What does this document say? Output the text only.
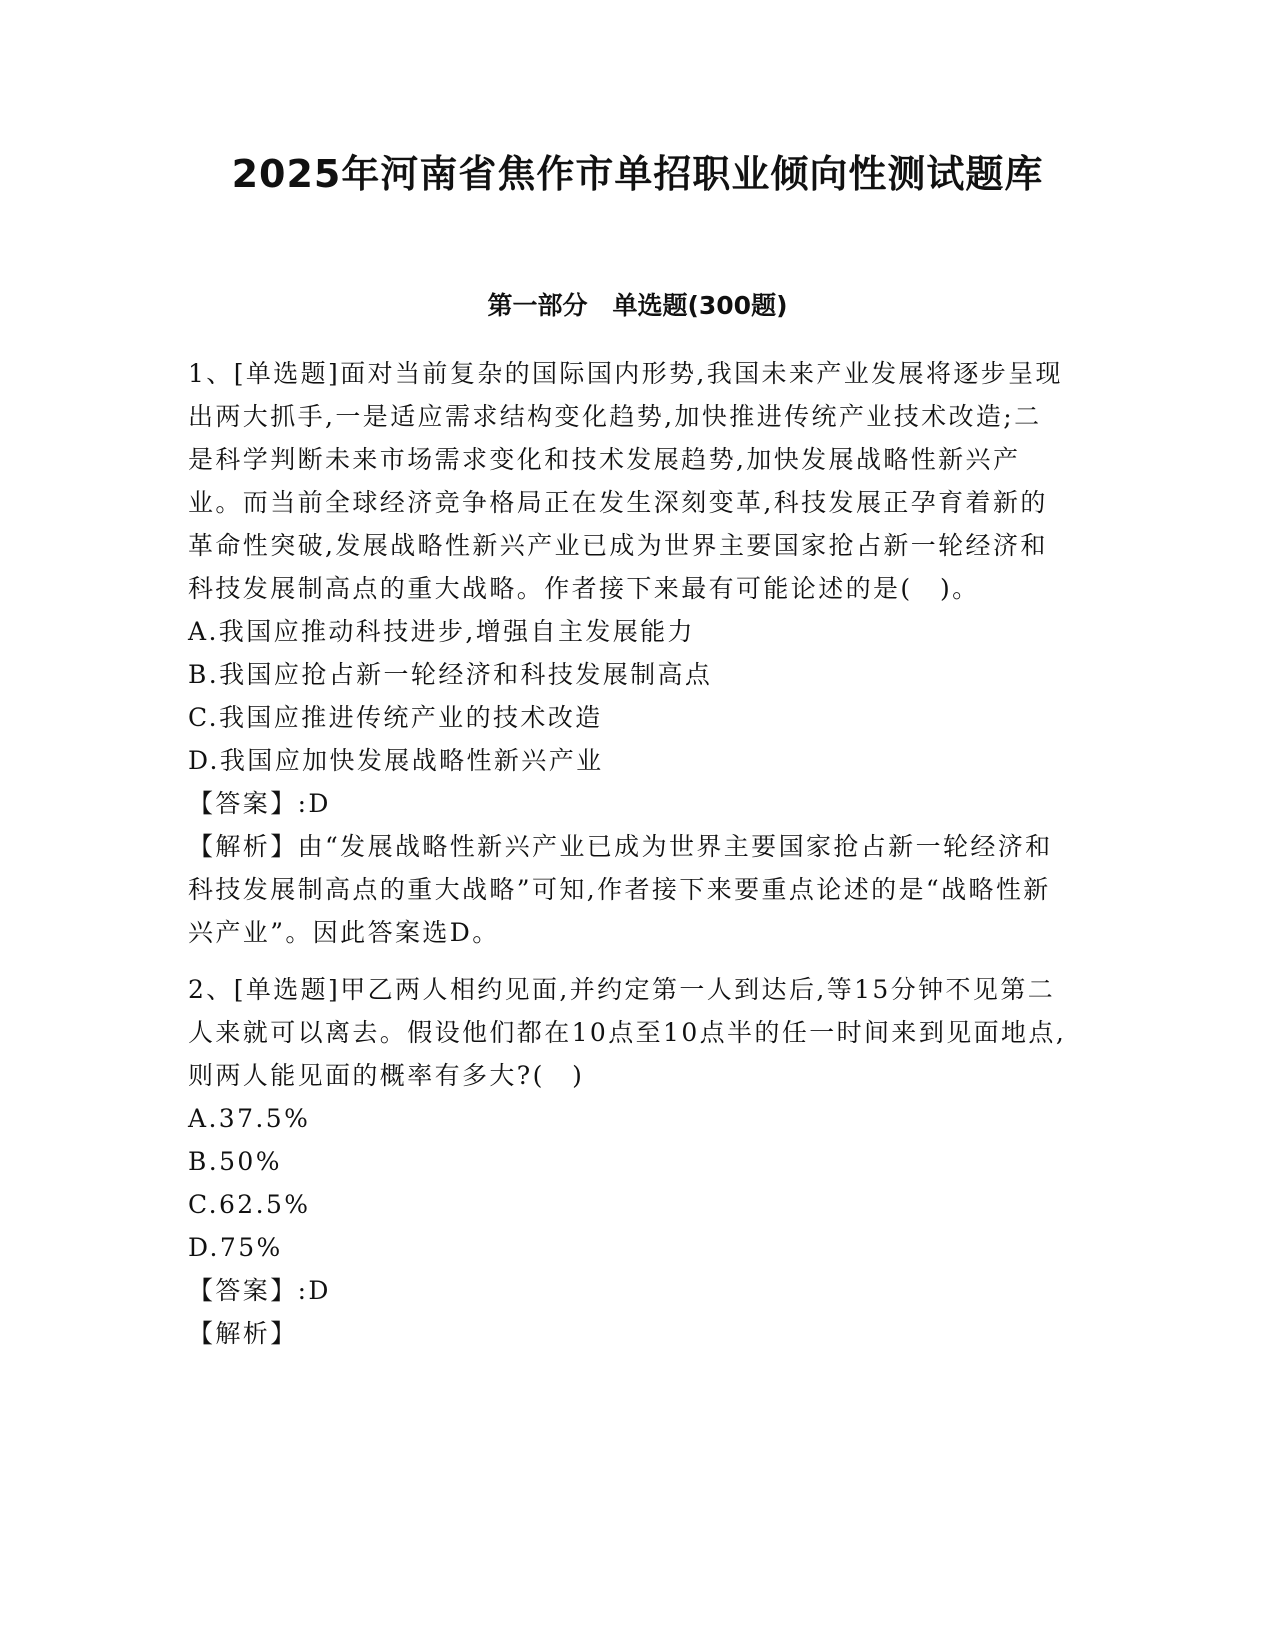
2025年河南省焦作市单招职业倾向性测试题库
第一部分　单选题(300题)

1、[单选题]面对当前复杂的国际国内形势,我国未来产业发展将逐步呈现出两大抓手,一是适应需求结构变化趋势,加快推进传统产业技术改造;二是科学判断未来市场需求变化和技术发展趋势,加快发展战略性新兴产业。而当前全球经济竞争格局正在发生深刻变革,科技发展正孕育着新的革命性突破,发展战略性新兴产业已成为世界主要国家抢占新一轮经济和科技发展制高点的重大战略。作者接下来最有可能论述的是(　)。

A.我国应推动科技进步,增强自主发展能力

B.我国应抢占新一轮经济和科技发展制高点

C.我国应推进传统产业的技术改造

D.我国应加快发展战略性新兴产业

【答案】:D

【解析】由“发展战略性新兴产业已成为世界主要国家抢占新一轮经济和科技发展制高点的重大战略”可知,作者接下来要重点论述的是“战略性新兴产业”。因此答案选D。

2、[单选题]甲乙两人相约见面,并约定第一人到达后,等15分钟不见第二人来就可以离去。假设他们都在10点至10点半的任一时间来到见面地点,则两人能见面的概率有多大?(　)

A.37.5%

B.50%

C.62.5%

D.75%

【答案】:D

【解析】
